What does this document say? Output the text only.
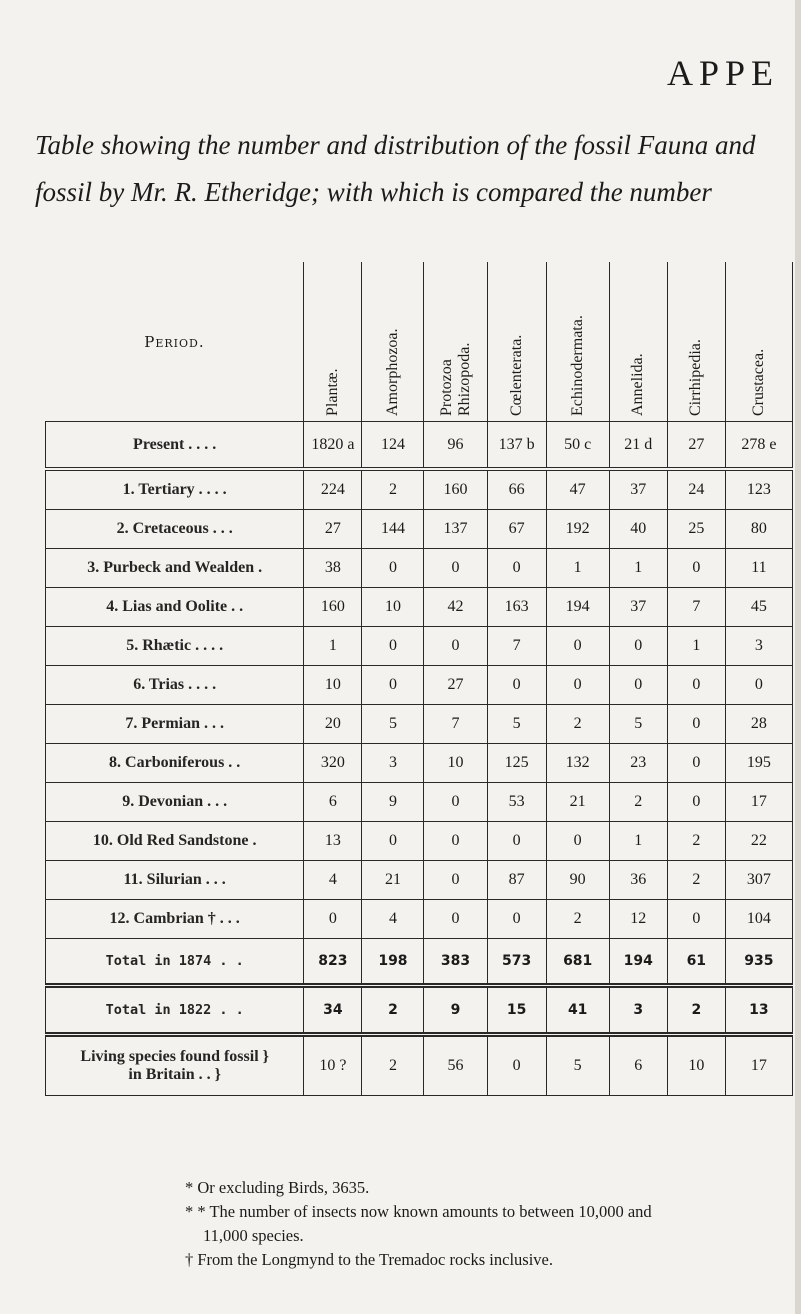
APPE
Table showing the number and distribution of the fossil Fauna and fossil by Mr. R. Etheridge; with which is compared the number
Period.	Plantæ.	Amorphozoa.	Protozoa
Rhizopoda.	Cœlenterata.	Echinodermata.	Annelida.	Cirrhipedia.	Crustacea.
Present . . . .	1820 a	124	96	137 b	50 c	21 d	27	278 e
1. Tertiary . . . .	224	2	160	66	47	37	24	123
2. Cretaceous . . .	27	144	137	67	192	40	25	80
3. Purbeck and Wealden .	38	0	0	0	1	1	0	11
4. Lias and Oolite . .	160	10	42	163	194	37	7	45
5. Rhætic . . . .	1	0	0	7	0	0	1	3
6. Trias . . . .	10	0	27	0	0	0	0	0
7. Permian . . .	20	5	7	5	2	5	0	28
8. Carboniferous . .	320	3	10	125	132	23	0	195
9. Devonian . . .	6	9	0	53	21	2	0	17
10. Old Red Sandstone .	13	0	0	0	0	1	2	22
11. Silurian . . .	4	21	0	87	90	36	2	307
12. Cambrian † . . .	0	4	0	0	2	12	0	104
Total in 1874 . .	823	198	383	573	681	194	61	935
Total in 1822 . .	34	2	9	15	41	3	2	13
Living species found fossil }
in Britain . . }	10 ?	2	56	0	5	6	10	17

* Or excluding Birds, 3635.

* * The number of insects now known amounts to between 10,000 and
11,000 species.

† From the Longmynd to the Tremadoc rocks inclusive.
